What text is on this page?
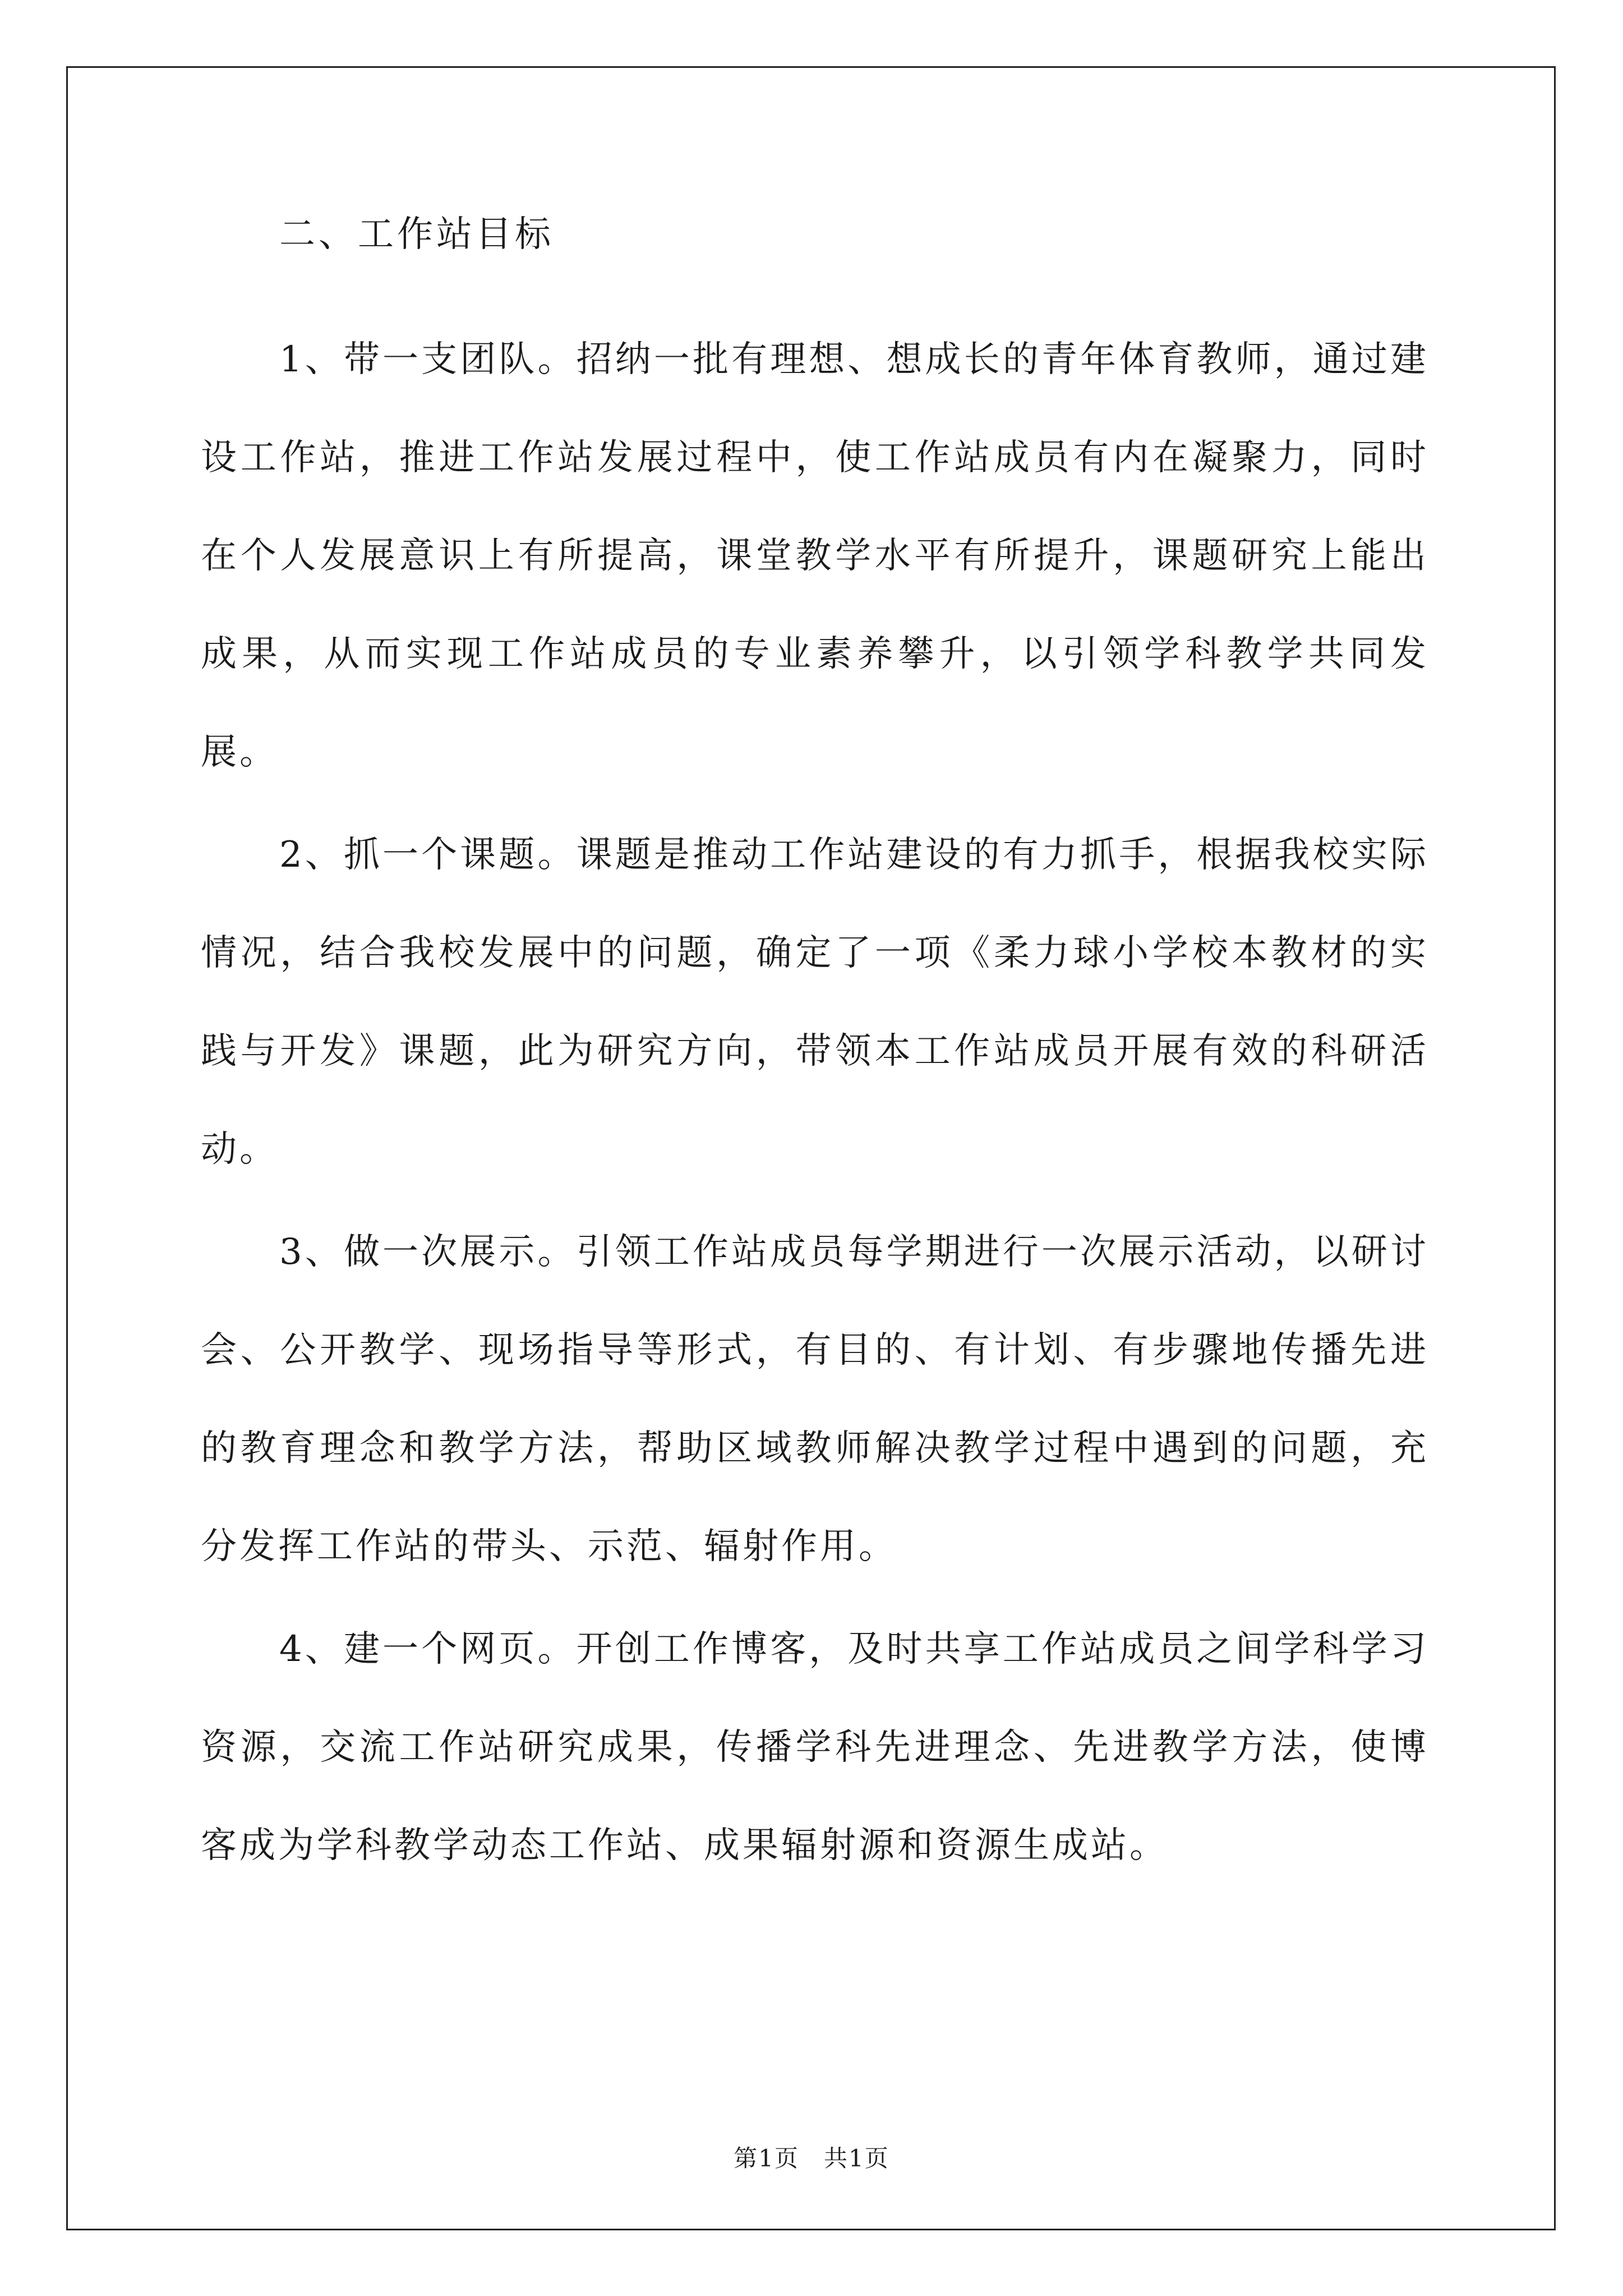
二、工作站目标

1、带一支团队。招纳一批有理想、想成长的青年体育教师，通过建设工作站，推进工作站发展过程中，使工作站成员有内在凝聚力，同时在个人发展意识上有所提高，课堂教学水平有所提升，课题研究上能出成果，从而实现工作站成员的专业素养攀升，以引领学科教学共同发展。

2、抓一个课题。课题是推动工作站建设的有力抓手，根据我校实际情况，结合我校发展中的问题，确定了一项《柔力球小学校本教材的实践与开发》课题，此为研究方向，带领本工作站成员开展有效的科研活动。

3、做一次展示。引领工作站成员每学期进行一次展示活动，以研讨会、公开教学、现场指导等形式，有目的、有计划、有步骤地传播先进的教育理念和教学方法，帮助区域教师解决教学过程中遇到的问题，充分发挥工作站的带头、示范、辐射作用。

4、建一个网页。开创工作博客，及时共享工作站成员之间学科学习资源，交流工作站研究成果，传播学科先进理念、先进教学方法，使博客成为学科教学动态工作站、成果辐射源和资源生成站。

第1页　共1页
